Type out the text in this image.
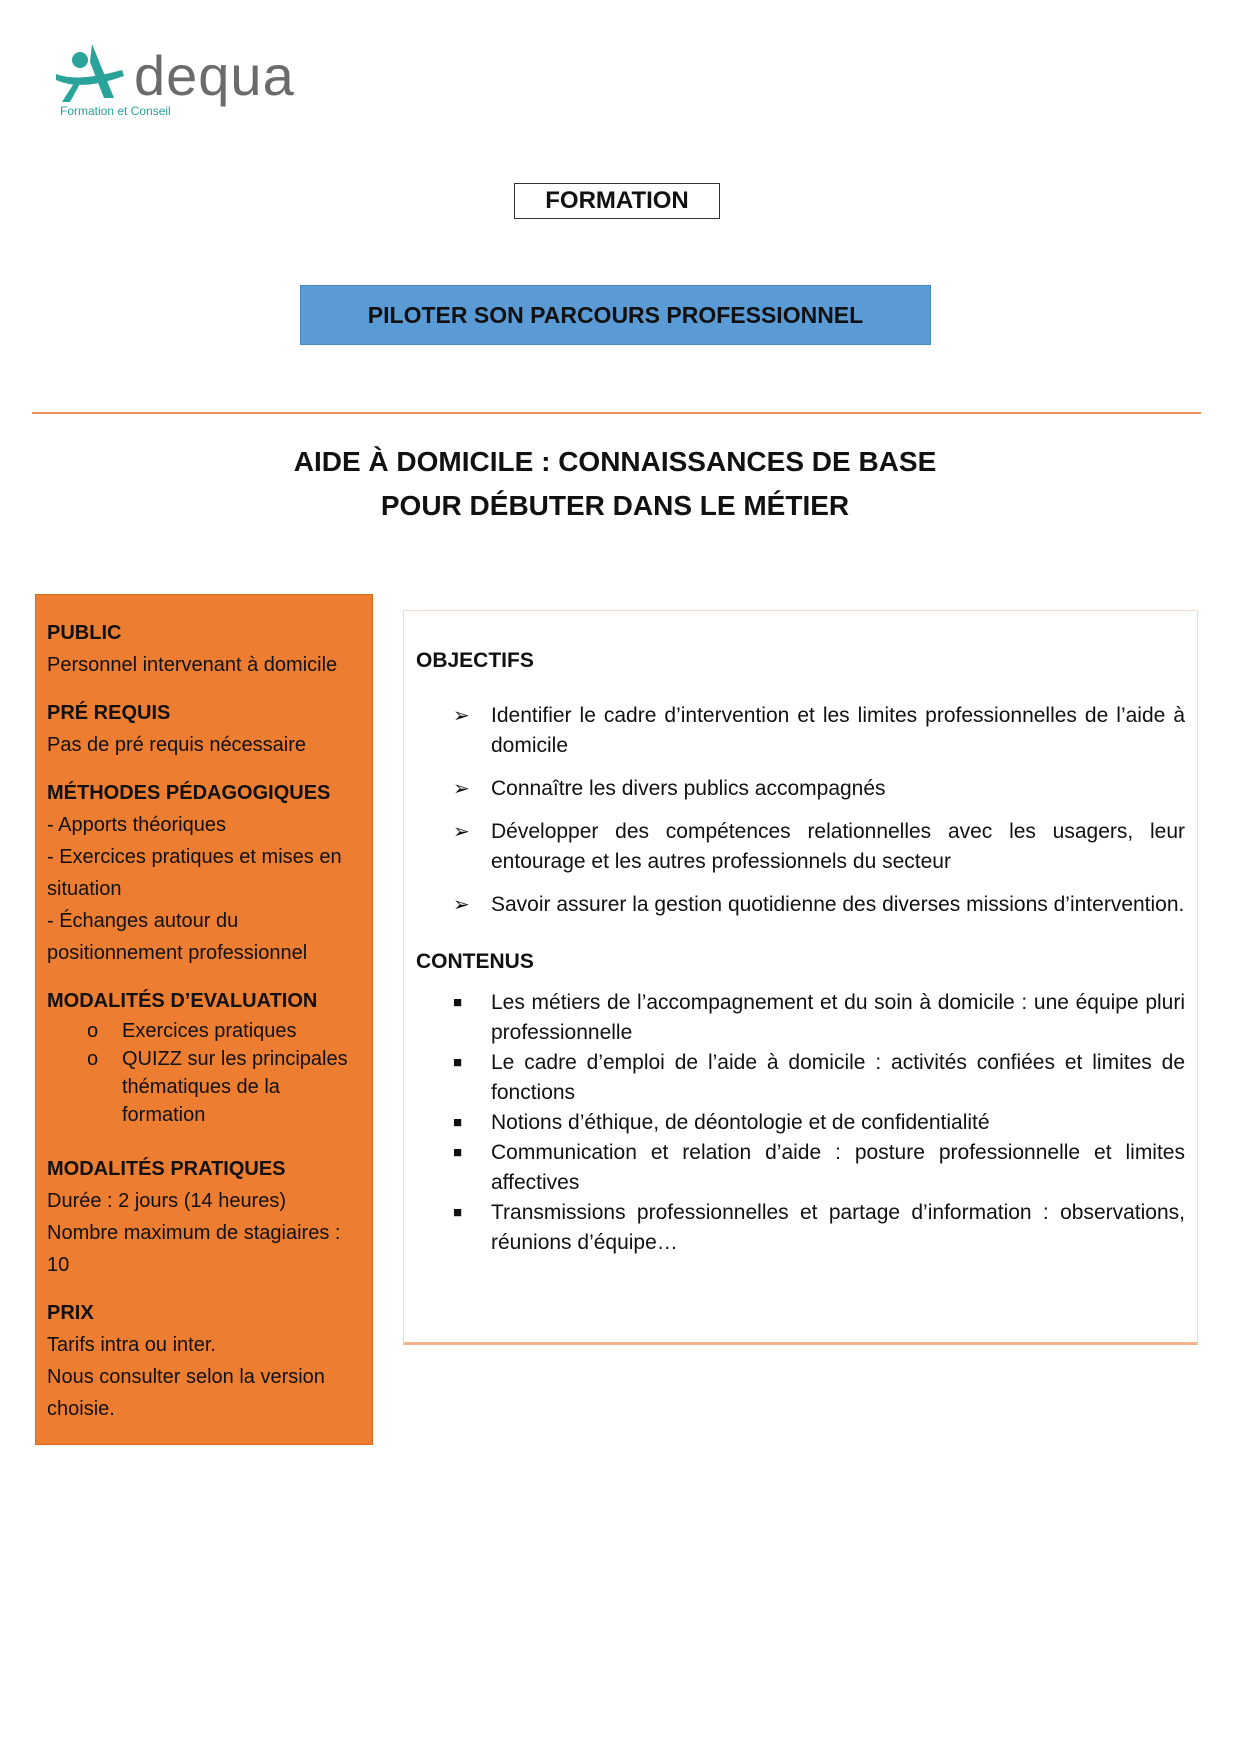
dequa
Formation et Conseil
FORMATION
PILOTER SON PARCOURS PROFESSIONNEL
AIDE À DOMICILE : CONNAISSANCES DE BASE
POUR DÉBUTER DANS LE MÉTIER
PUBLIC
Personnel intervenant à domicile
PRÉ REQUIS
Pas de pré requis nécessaire
MÉTHODES PÉDAGOGIQUES
- Apports théoriques
- Exercices pratiques et mises en situation
- Échanges autour du positionnement professionnel
MODALITÉS D’EVALUATION
o Exercices pratiques
o QUIZZ sur les principales thématiques de la formation
MODALITÉS PRATIQUES
Durée : 2 jours (14 heures)
Nombre maximum de stagiaires : 10
PRIX
Tarifs intra ou inter.
Nous consulter selon la version choisie.
OBJECTIFS
➢ Identifier le cadre d’intervention et les limites professionnelles de l’aide à domicile
➢ Connaître les divers publics accompagnés
➢ Développer des compétences relationnelles avec les usagers, leur entourage et les autres professionnels du secteur
➢ Savoir assurer la gestion quotidienne des diverses missions d’intervention.
CONTENUS
■ Les métiers de l’accompagnement et du soin à domicile : une équipe pluri professionnelle
■ Le cadre d’emploi de l’aide à domicile : activités confiées et limites de fonctions
■ Notions d’éthique, de déontologie et de confidentialité
■ Communication et relation d’aide : posture professionnelle et limites affectives
■ Transmissions professionnelles et partage d’information : observations, réunions d’équipe…
